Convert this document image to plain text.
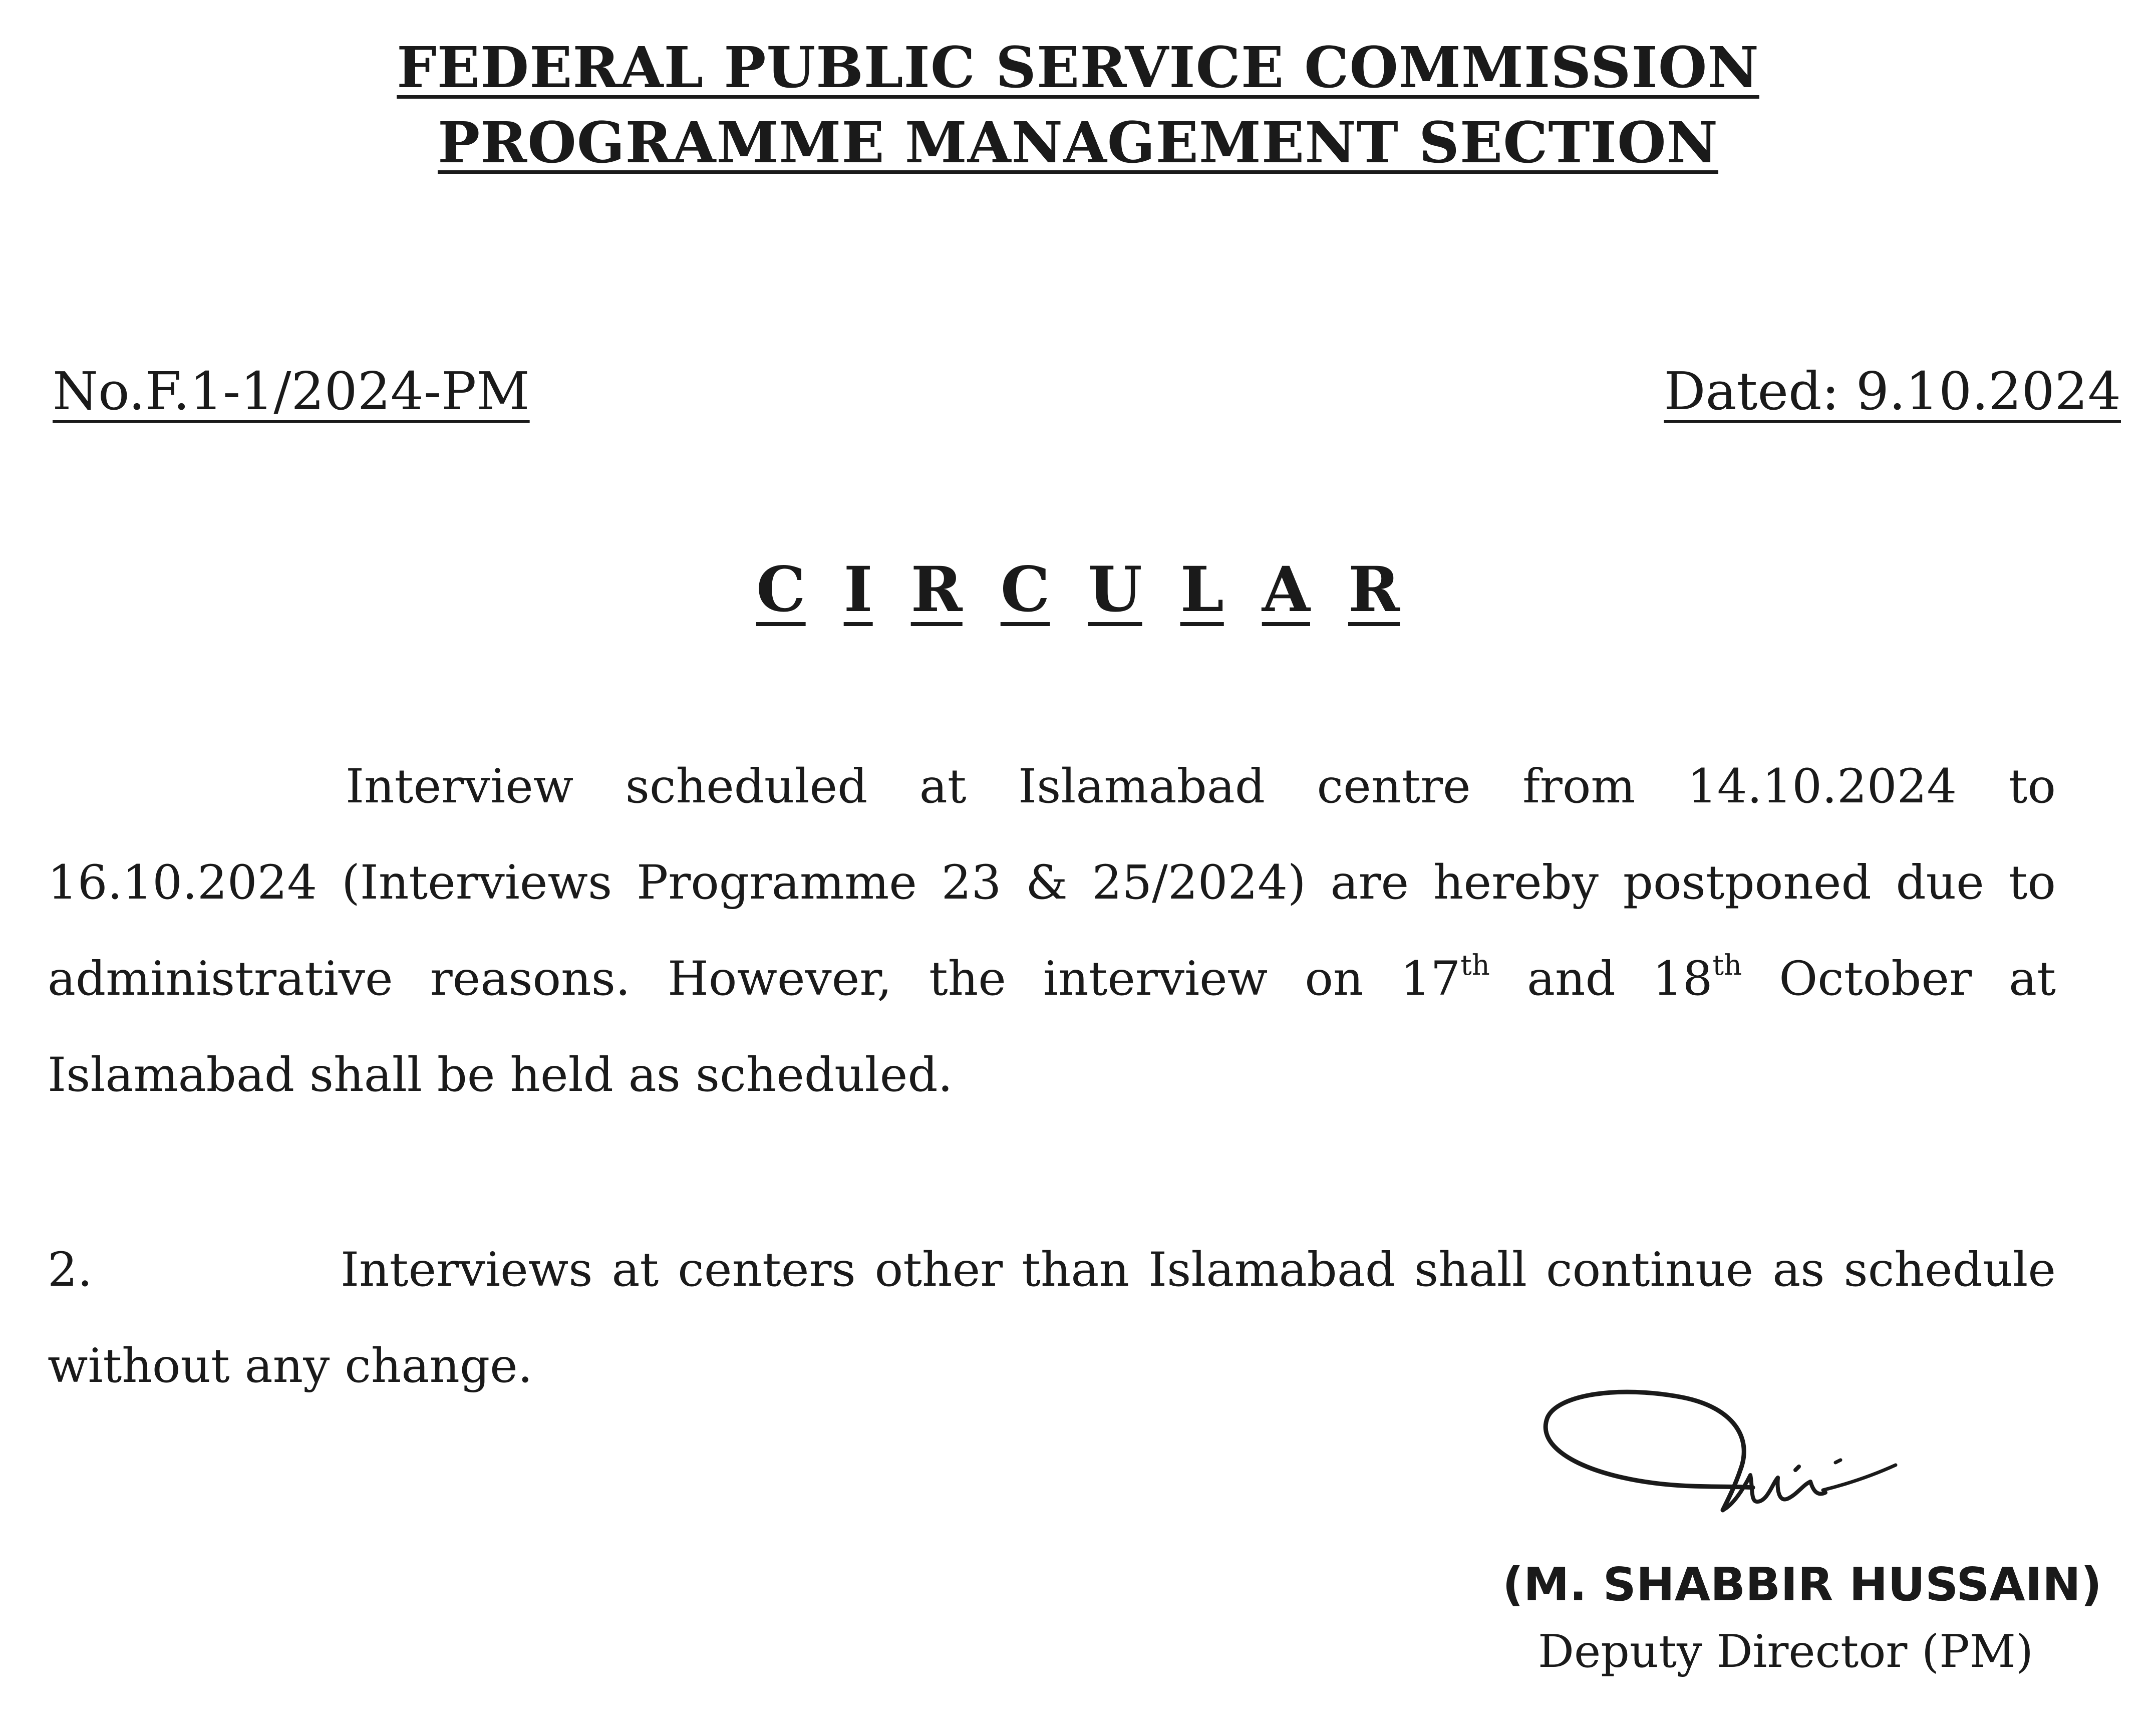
FEDERAL PUBLIC SERVICE COMMISSION
PROGRAMME MANAGEMENT SECTION
No.F.1-1/2024-PM	Dated: 9.10.2024
C I R C U L A R
Interview scheduled at Islamabad centre from 14.10.2024 to 16.10.2024 (Interviews Programme 23 & 25/2024) are hereby postponed due to administrative reasons. However, the interview on 17th and 18th October at Islamabad shall be held as scheduled.
2.	Interviews at centers other than Islamabad shall continue as schedule without any change.
(M. SHABBIR HUSSAIN)
Deputy Director (PM)
